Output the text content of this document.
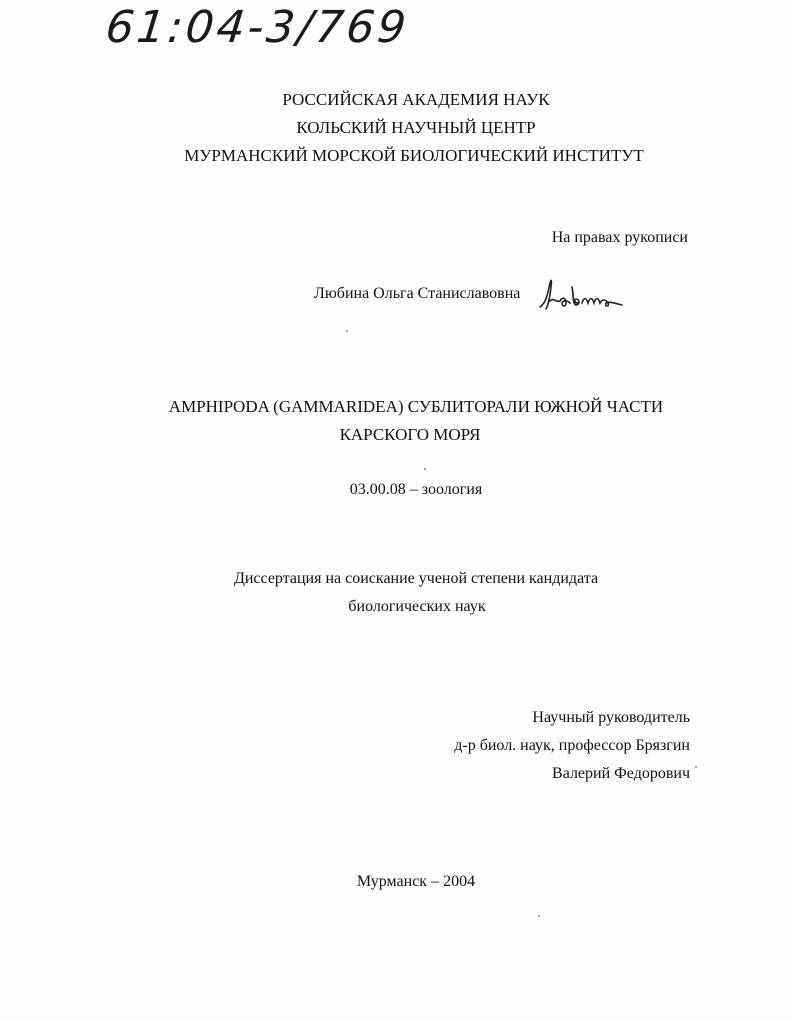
61:04-3/769
РОССИЙСКАЯ АКАДЕМИЯ НАУК
КОЛЬСКИЙ НАУЧНЫЙ ЦЕНТР
МУРМАНСКИЙ МОРСКОЙ БИОЛОГИЧЕСКИЙ ИНСТИТУТ
На правах рукописи
Любина Ольга Станиславовна
AMPHIPODA (GAMMARIDEA) СУБЛИТОРАЛИ ЮЖНОЙ ЧАСТИ
КАРСКОГО МОРЯ
03.00.08 – зоология
Диссертация на соискание ученой степени кандидата
биологических наук
Научный руководитель
д-р биол. наук, профессор Брязгин
Валерий Федорович
Мурманск – 2004
